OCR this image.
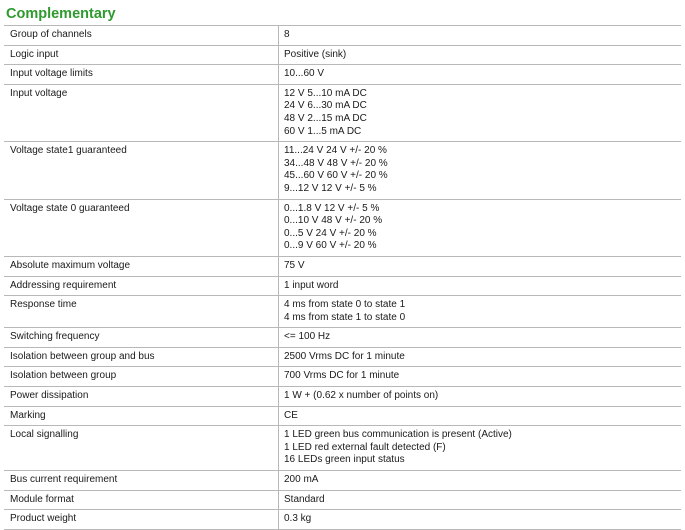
Complementary
Group of channels	8

Logic input	Positive (sink)

Input voltage limits	10...60 V

Input voltage	12 V 5...10 mA DC
24 V 6...30 mA DC
48 V 2...15 mA DC
60 V 1...5 mA DC

Voltage state1 guaranteed	11...24 V 24 V +/- 20 %
34...48 V 48 V +/- 20 %
45...60 V 60 V +/- 20 %
9...12 V 12 V +/- 5 %

Voltage state 0 guaranteed	0...1.8 V 12 V +/- 5 %
0...10 V 48 V +/- 20 %
0...5 V 24 V +/- 20 %
0...9 V 60 V +/- 20 %

Absolute maximum voltage	75 V

Addressing requirement	1 input word

Response time	4 ms from state 0 to state 1
4 ms from state 1 to state 0

Switching frequency	<= 100 Hz

Isolation between group and bus	2500 Vrms DC for 1 minute

Isolation between group	700 Vrms DC for 1 minute

Power dissipation	1 W + (0.62 x number of points on)

Marking	CE

Local signalling	1 LED green bus communication is present (Active)
1 LED red external fault detected (F)
16 LEDs green input status

Bus current requirement	200 mA

Module format	Standard

Product weight	0.3 kg
